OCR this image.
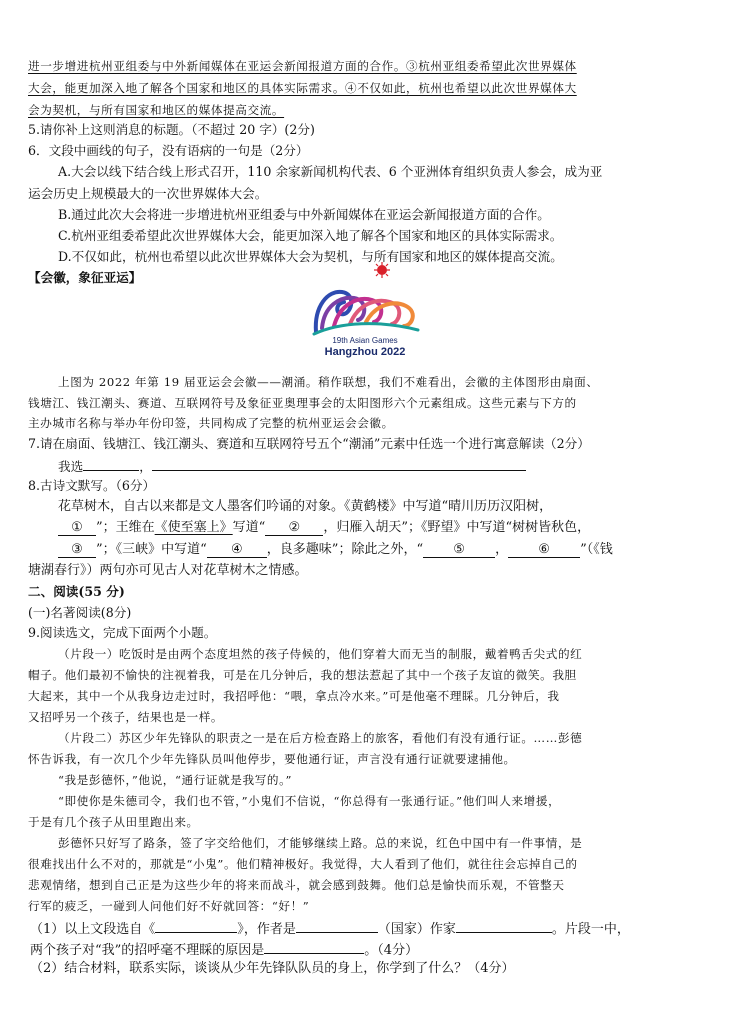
进一步增进杭州亚组委与中外新闻媒体在亚运会新闻报道方面的合作。③杭州亚组委希望此次世界媒体
大会，能更加深入地了解各个国家和地区的具体实际需求。④不仅如此，杭州也希望以此次世界媒体大
会为契机，与所有国家和地区的媒体提高交流。
5.请你补上这则消息的标题。（不超过 20 字）(2分)
6．文段中画线的句子，没有语病的一句是（2分）
A.大会以线下结合线上形式召开，110 余家新闻机构代表、6 个亚洲体育组织负责人参会，成为亚
运会历史上规模最大的一次世界媒体大会。
B.通过此次大会将进一步增进杭州亚组委与中外新闻媒体在亚运会新闻报道方面的合作。
C.杭州亚组委希望此次世界媒体大会，能更加深入地了解各个国家和地区的具体实际需求。
D.不仅如此，杭州也希望以此次世界媒体大会为契机，与所有国家和地区的媒体提高交流。
【会徽，象征亚运】
19th Asian Games
Hangzhou 2022
上图为 2022 年第 19 届亚运会会徽——潮涌。稍作联想，我们不难看出，会徽的主体图形由扇面、
钱塘江、钱江潮头、赛道、互联网符号及象征亚奥理事会的太阳图形六个元素组成。这些元素与下方的
主办城市名称与举办年份印签，共同构成了完整的杭州亚运会会徽。
7.请在扇面、钱塘江、钱江潮头、赛道和互联网符号五个“潮涌”元素中任选一个进行寓意解读（2分）
我选	，
8.古诗文默写。（6分）
花草树木，自古以来都是文人墨客们吟诵的对象。《黄鹤楼》中写道“晴川历历汉阳树，
① ”；王维在《使至塞上》写道“ ② ，归雁入胡天”；《野望》中写道“树树皆秋色，
③ ”；《三峡》中写道“ ④ ，良多趣味”；除此之外，“ ⑤ ， ⑥ ”（《钱
塘湖春行》）两句亦可见古人对花草树木之情感。
二、阅读(55 分)
(一)名著阅读(8分)
9.阅读选文，完成下面两个小题。
（片段一）吃饭时是由两个态度坦然的孩子侍候的，他们穿着大而无当的制服，戴着鸭舌尖式的红
帽子。他们最初不愉快的注视着我，可是在几分钟后，我的想法惹起了其中一个孩子友谊的微笑。我胆
大起来，其中一个从我身边走过时，我招呼他：“喂，拿点冷水来。”可是他毫不理睬。几分钟后，我
又招呼另一个孩子，结果也是一样。
（片段二）苏区少年先锋队的职责之一是在后方检查路上的旅客，看他们有没有通行证。……彭德
怀告诉我，有一次几个少年先锋队员叫他停步，要他通行证，声言没有通行证就要逮捕他。
“我是彭德怀，”他说，“通行证就是我写的。”
“即使你是朱德司令，我们也不管，”小鬼们不信说，“你总得有一张通行证。”他们叫人来增援，
于是有几个孩子从田里跑出来。
彭德怀只好写了路条，签了字交给他们，才能够继续上路。总的来说，红色中国中有一件事情，是
很难找出什么不对的，那就是“小鬼”。他们精神极好。我觉得，大人看到了他们，就往往会忘掉自己的
悲观情绪，想到自己正是为这些少年的将来而战斗，就会感到鼓舞。他们总是愉快而乐观，不管整天
行军的疲乏，一碰到人问他们好不好就回答：“好！”
（1）以上文段选自《	》，作者是	（国家）作家	。片段一中，
两个孩子对“我”的招呼毫不理睬的原因是	。（4分）
（2）结合材料，联系实际，谈谈从少年先锋队队员的身上，你学到了什么？（4分）
